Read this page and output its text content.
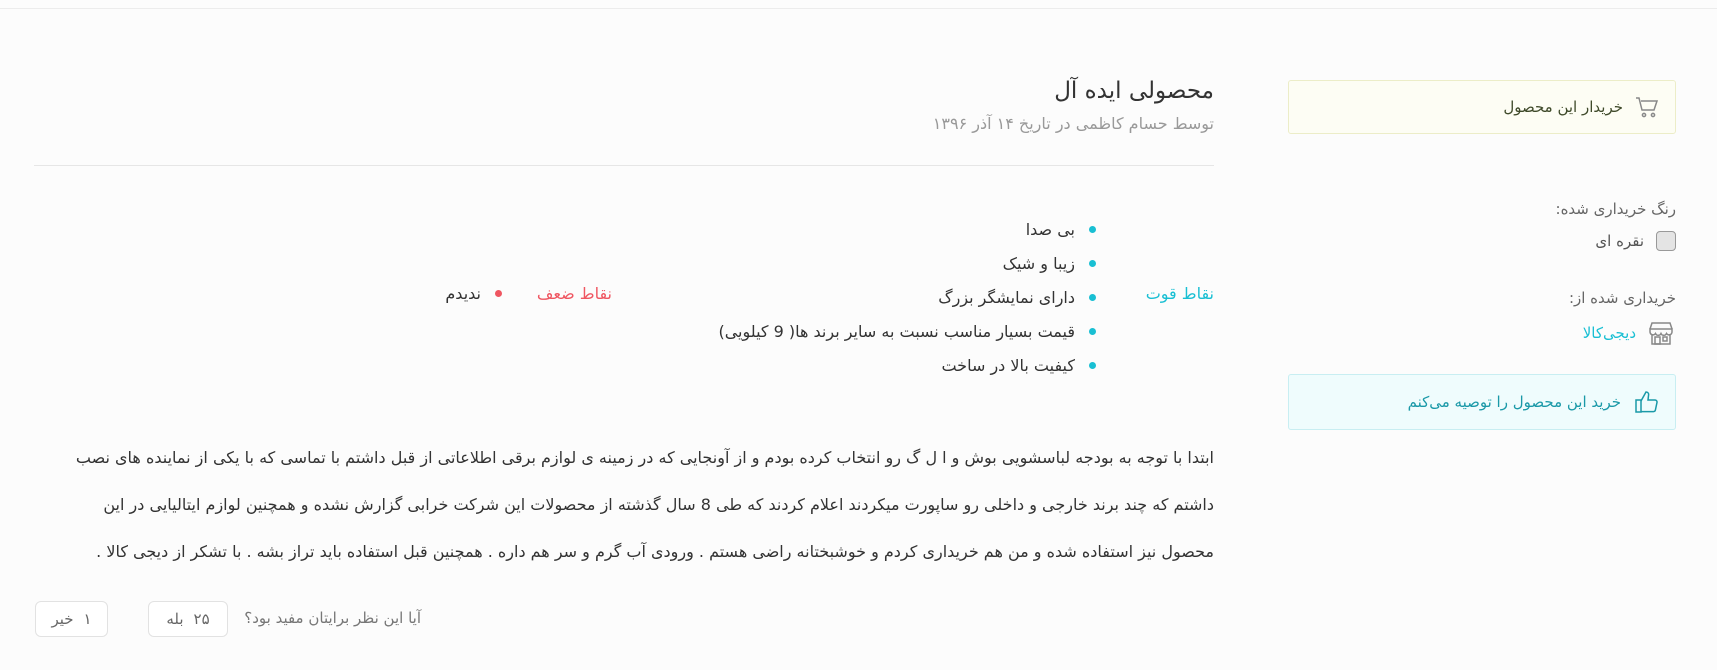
خریدار این محصول
رنگ خریداری شده:
نقره ای
خریداری شده از:
دیجی‌کالا
خرید این محصول را توصیه می‌کنم
محصولی ایده آل
توسط حسام کاظمی در تاریخ ۱۴ آذر ۱۳۹۶
نقاط قوت
بی صدا
زیبا و شیک
دارای نمایشگر بزرگ
قیمت بسیار مناسب نسبت به سایر برند ها( 9 کیلویی)
کیفیت بالا در ساخت
نقاط ضعف
ندیدم

ابتدا با توجه به بودجه لباسشویی بوش و ا ل گ رو انتخاب کرده بودم و از آونجایی که در زمینه ی لوازم برقی اطلاعاتی از قبل داشتم با تماسی که با یکی از نماینده های نصب داشتم که چند برند خارجی و داخلی رو ساپورت میکردند اعلام کردند که طی 8 سال گذشته از محصولات این شرکت خرابی گزارش نشده و همچنین لوازم ایتالیایی در این محصول نیز استفاده شده و من هم خریداری کردم و خوشبختانه راضی هستم . ورودی آب گرم و سر هم داره . همچنین قبل استفاده باید تراز بشه . با تشکر از دیجی کالا .

آیا این نظر برایتان مفید بود؟
۲۵
بله
۱
خیر
